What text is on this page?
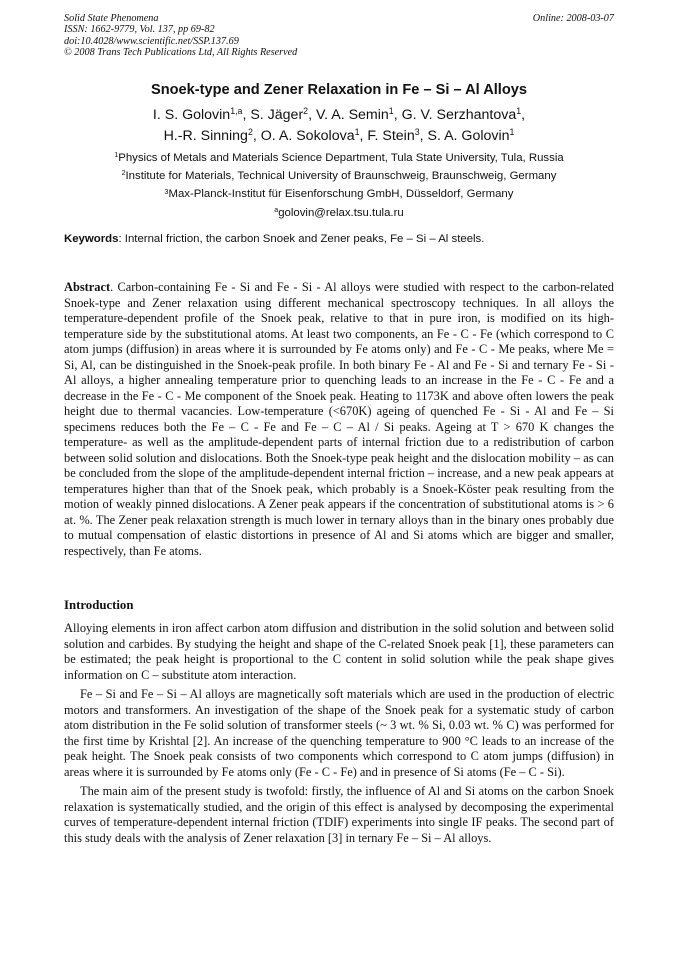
Solid State Phenomena
ISSN: 1662-9779, Vol. 137, pp 69-82
doi:10.4028/www.scientific.net/SSP.137.69
© 2008 Trans Tech Publications Ltd, All Rights Reserved
Online: 2008-03-07
Snoek-type and Zener Relaxation in Fe – Si – Al Alloys
I. S. Golovin$^{1,a}$, S. Jäger$^2$, V. A. Semin$^1$, G. V. Serzhantova$^1$,
H.-R. Sinning$^2$, O. A. Sokolova$^1$, F. Stein$^3$, S. A. Golovin$^1$
$^1$Physics of Metals and Materials Science Department, Tula State University, Tula, Russia
$^2$Institute for Materials, Technical University of Braunschweig, Braunschweig, Germany
$^3$Max-Planck-Institut für Eisenforschung GmbH, Düsseldorf, Germany
$^a$golovin@relax.tsu.tula.ru
Keywords: Internal friction, the carbon Snoek and Zener peaks, Fe – Si – Al steels.
Abstract. Carbon-containing Fe - Si and Fe - Si - Al alloys were studied with respect to the carbon-related Snoek-type and Zener relaxation using different mechanical spectroscopy techniques. In all alloys the temperature-dependent profile of the Snoek peak, relative to that in pure iron, is modified on its high-temperature side by the substitutional atoms. At least two components, an Fe - C - Fe (which correspond to C atom jumps (diffusion) in areas where it is surrounded by Fe atoms only) and Fe - C - Me peaks, where Me = Si, Al, can be distinguished in the Snoek-peak profile. In both binary Fe - Al and Fe - Si and ternary Fe - Si - Al alloys, a higher annealing temperature prior to quenching leads to an increase in the Fe - C - Fe and a decrease in the Fe - C - Me component of the Snoek peak. Heating to 1173K and above often lowers the peak height due to thermal vacancies. Low-temperature (<670K) ageing of quenched Fe - Si - Al and Fe – Si specimens reduces both the Fe – C - Fe and Fe – C – Al / Si peaks. Ageing at T > 670 K changes the temperature- as well as the amplitude-dependent parts of internal friction due to a redistribution of carbon between solid solution and dislocations. Both the Snoek-type peak height and the dislocation mobility – as can be concluded from the slope of the amplitude-dependent internal friction – increase, and a new peak appears at temperatures higher than that of the Snoek peak, which probably is a Snoek-Köster peak resulting from the motion of weakly pinned dislocations. A Zener peak appears if the concentration of substitutional atoms is > 6 at. %. The Zener peak relaxation strength is much lower in ternary alloys than in the binary ones probably due to mutual compensation of elastic distortions in presence of Al and Si atoms which are bigger and smaller, respectively, than Fe atoms.
Introduction

Alloying elements in iron affect carbon atom diffusion and distribution in the solid solution and between solid solution and carbides. By studying the height and shape of the C-related Snoek peak [1], these parameters can be estimated; the peak height is proportional to the C content in solid solution while the peak shape gives information on C – substitute atom interaction.

Fe – Si and Fe – Si – Al alloys are magnetically soft materials which are used in the production of electric motors and transformers. An investigation of the shape of the Snoek peak for a systematic study of carbon atom distribution in the Fe solid solution of transformer steels (~ 3 wt. % Si, 0.03 wt. % C) was performed for the first time by Krishtal [2]. An increase of the quenching temperature to 900 °C leads to an increase of the peak height. The Snoek peak consists of two components which correspond to C atom jumps (diffusion) in areas where it is surrounded by Fe atoms only (Fe - C - Fe) and in presence of Si atoms (Fe – C - Si).

The main aim of the present study is twofold: firstly, the influence of Al and Si atoms on the carbon Snoek relaxation is systematically studied, and the origin of this effect is analysed by decomposing the experimental curves of temperature-dependent internal friction (TDIF) experiments into single IF peaks. The second part of this study deals with the analysis of Zener relaxation [3] in ternary Fe – Si – Al alloys.
